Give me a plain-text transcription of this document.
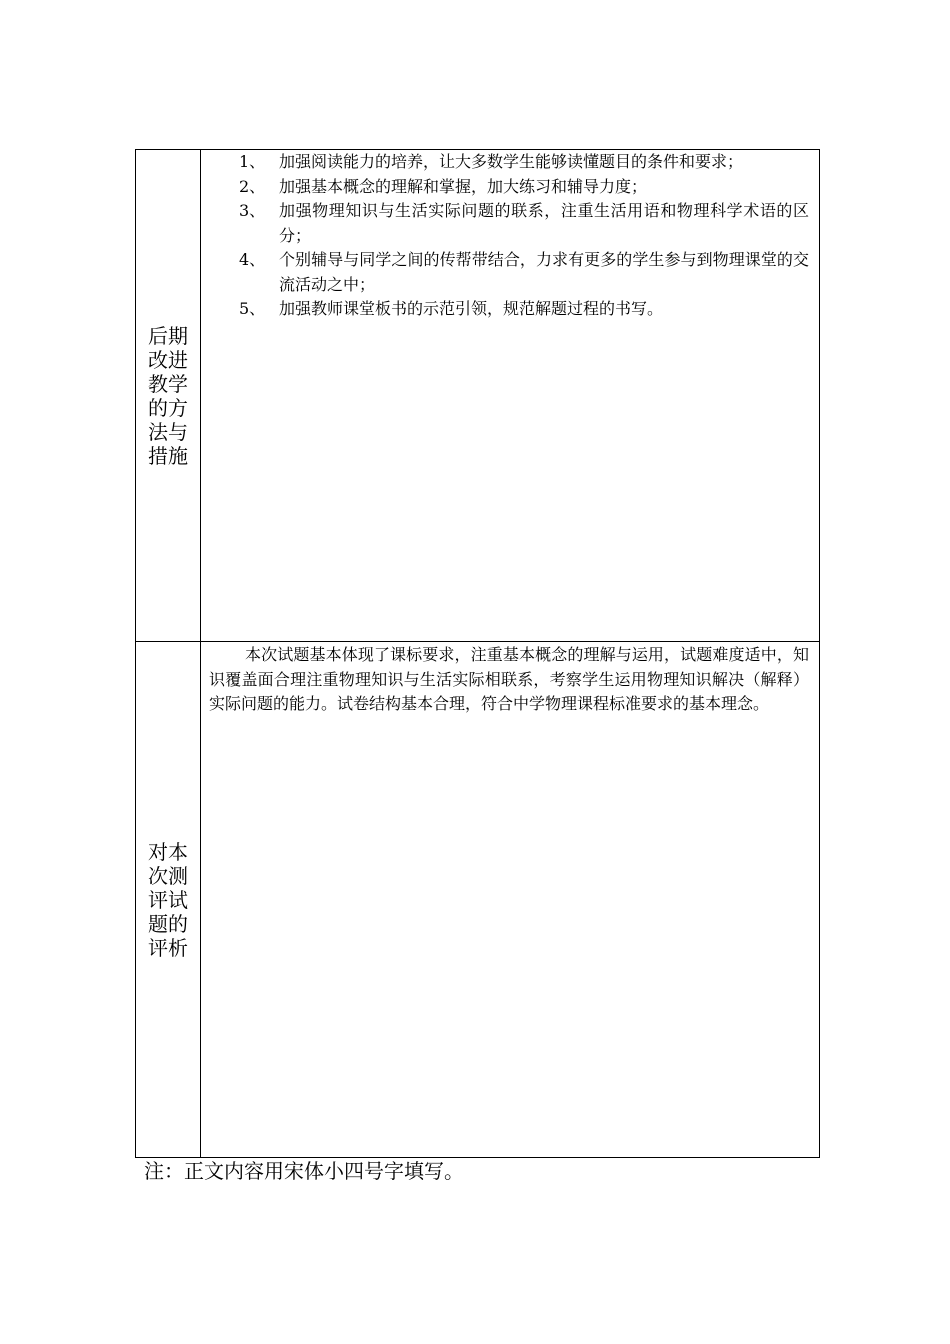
后期改进教学的方法与措施
1、 加强阅读能力的培养，让大多数学生能够读懂题目的条件和要求；
2、 加强基本概念的理解和掌握，加大练习和辅导力度；
3、 加强物理知识与生活实际问题的联系，注重生活用语和物理科学术语的区分；
4、 个别辅导与同学之间的传帮带结合，力求有更多的学生参与到物理课堂的交流活动之中；
5、 加强教师课堂板书的示范引领，规范解题过程的书写。
对本次测评试题的评析

本次试题基本体现了课标要求，注重基本概念的理解与运用，试题难度适中，知识覆盖面合理注重物理知识与生活实际相联系，考察学生运用物理知识解决（解释）实际问题的能力。试卷结构基本合理，符合中学物理课程标准要求的基本理念。

注：正文内容用宋体小四号字填写。
